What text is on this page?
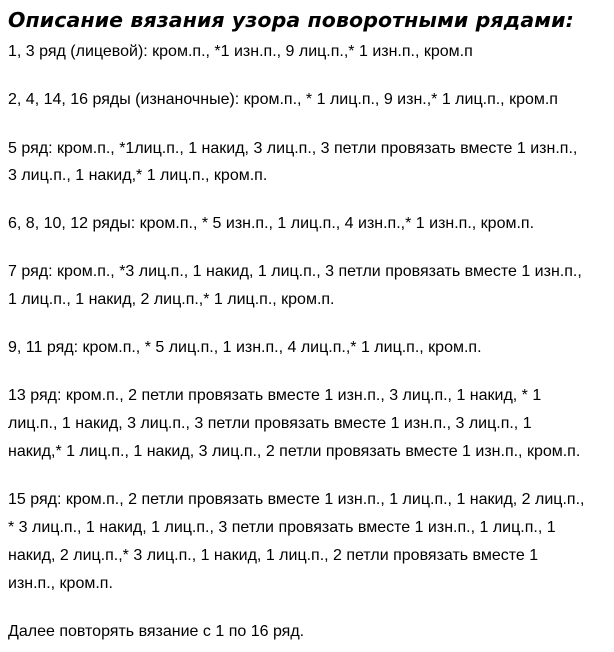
Описание вязания узора поворотными рядами:

1, 3 ряд (лицевой): кром.п., *1 изн.п., 9 лиц.п.,* 1 изн.п., кром.п

2, 4, 14, 16 ряды (изнаночные): кром.п., * 1 лиц.п., 9 изн.,* 1 лиц.п., кром.п

5 ряд: кром.п., *1лиц.п., 1 накид, 3 лиц.п., 3 петли провязать вместе 1 изн.п.,

3 лиц.п., 1 накид,* 1 лиц.п., кром.п.

6, 8, 10, 12 ряды: кром.п., * 5 изн.п., 1 лиц.п., 4 изн.п.,* 1 изн.п., кром.п.

7 ряд: кром.п., *3 лиц.п., 1 накид, 1 лиц.п., 3 петли провязать вместе 1 изн.п.,

1 лиц.п., 1 накид, 2 лиц.п.,* 1 лиц.п., кром.п.

9, 11 ряд: кром.п., * 5 лиц.п., 1 изн.п., 4 лиц.п.,* 1 лиц.п., кром.п.

13 ряд: кром.п., 2 петли провязать вместе 1 изн.п., 3 лиц.п., 1 накид, * 1

лиц.п., 1 накид, 3 лиц.п., 3 петли провязать вместе 1 изн.п., 3 лиц.п., 1

накид,* 1 лиц.п., 1 накид, 3 лиц.п., 2 петли провязать вместе 1 изн.п., кром.п.

15 ряд: кром.п., 2 петли провязать вместе 1 изн.п., 1 лиц.п., 1 накид, 2 лиц.п.,

* 3 лиц.п., 1 накид, 1 лиц.п., 3 петли провязать вместе 1 изн.п., 1 лиц.п., 1

накид, 2 лиц.п.,* 3 лиц.п., 1 накид, 1 лиц.п., 2 петли провязать вместе 1

изн.п., кром.п.

Далее повторять вязание с 1 по 16 ряд.
